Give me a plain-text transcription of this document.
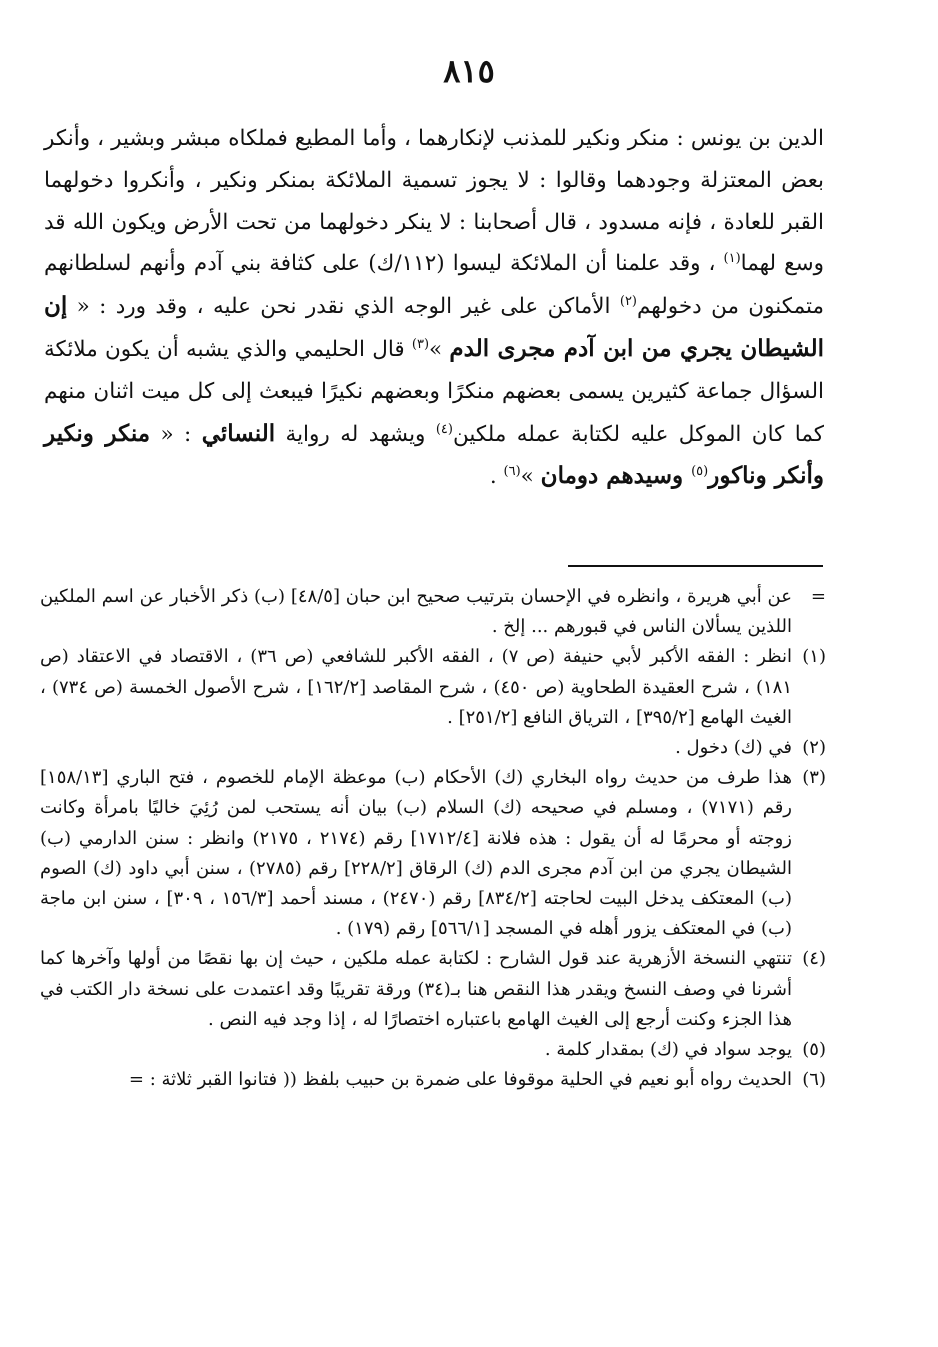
٨١٥

الدين بن يونس : منكر ونكير للمذنب لإنكارهما ، وأما المطيع فملكاه مبشر وبشير ، وأنكر بعض المعتزلة وجودهما وقالوا : لا يجوز تسمية الملائكة بمنكر ونكير ، وأنكروا دخولهما القبر للعادة ، فإنه مسدود ، قال أصحابنا : لا ينكر دخولهما من تحت الأرض ويكون الله قد وسع لهما$^{(١)}$ ، وقد علمنا أن الملائكة ليسوا (١١٢/ك) على كثافة بني آدم وأنهم لسلطانهم متمكنون من دخولهم$^{(٢)}$ الأماكن على غير الوجه الذي نقدر نحن عليه ، وقد ورد : « إن الشيطان يجري من ابن آدم مجرى الدم »$^{(٣)}$ قال الحليمي والذي يشبه أن يكون ملائكة السؤال جماعة كثيرين يسمى بعضهم منكرًا وبعضهم نكيرًا فيبعث إلى كل ميت اثنان منهم كما كان الموكل عليه لكتابة عمله ملكين$^{(٤)}$ ويشهد له رواية النسائي : « منكر ونكير وأنكر وناكور$^{(٥)}$ وسيدهم دومان »$^{(٦)}$ .

=
عن أبي هريرة ، وانظره في الإحسان بترتيب صحيح ابن حبان [٤٨/٥] (ب) ذكر الأخبار عن اسم الملكين اللذين يسألان الناس في قبورهم ... إلخ .
(١)
انظر : الفقه الأكبر لأبي حنيفة (ص ٧) ، الفقه الأكبر للشافعي (ص ٣٦) ، الاقتصاد في الاعتقاد (ص ١٨١) ، شرح العقيدة الطحاوية (ص ٤٥٠) ، شرح المقاصد [١٦٢/٢] ، شرح الأصول الخمسة (ص ٧٣٤) ، الغيث الهامع [٣٩٥/٢] ، الترياق النافع [٢٥١/٢] .
(٢)
في (ك) دخول .
(٣)
هذا طرف من حديث رواه البخاري (ك) الأحكام (ب) موعظة الإمام للخصوم ، فتح الباري [١٥٨/١٣] رقم (٧١٧١) ، ومسلم في صحيحه (ك) السلام (ب) بيان أنه يستحب لمن رُئِيَ خاليًا بامرأة وكانت زوجته أو محرمًا له أن يقول : هذه فلانة [١٧١٢/٤] رقم (٢١٧٤ ، ٢١٧٥) وانظر : سنن الدارمي (ب) الشيطان يجري من ابن آدم مجرى الدم (ك) الرقاق [٢٢٨/٢] رقم (٢٧٨٥) ، سنن أبي داود (ك) الصوم (ب) المعتكف يدخل البيت لحاجته [٨٣٤/٢] رقم (٢٤٧٠) ، مسند أحمد [١٥٦/٣ ، ٣٠٩] ، سنن ابن ماجة (ب) في المعتكف يزور أهله في المسجد [٥٦٦/١] رقم (١٧٩) .
(٤)
تنتهي النسخة الأزهرية عند قول الشارح : لكتابة عمله ملكين ، حيث إن بها نقصًا من أولها وآخرها كما أشرنا في وصف النسخ ويقدر هذا النقص هنا بـ(٣٤) ورقة تقريبًا وقد اعتمدت على نسخة دار الكتب في هذا الجزء وكنت أرجع إلى الغيث الهامع باعتباره اختصارًا له ، إذا وجد فيه النص .
(٥)
يوجد سواد في (ك) بمقدار كلمة .
(٦)
الحديث رواه أبو نعيم في الحلية موقوفا على ضمرة بن حبيب بلفظ (( فتانوا القبر ثلاثة : =
